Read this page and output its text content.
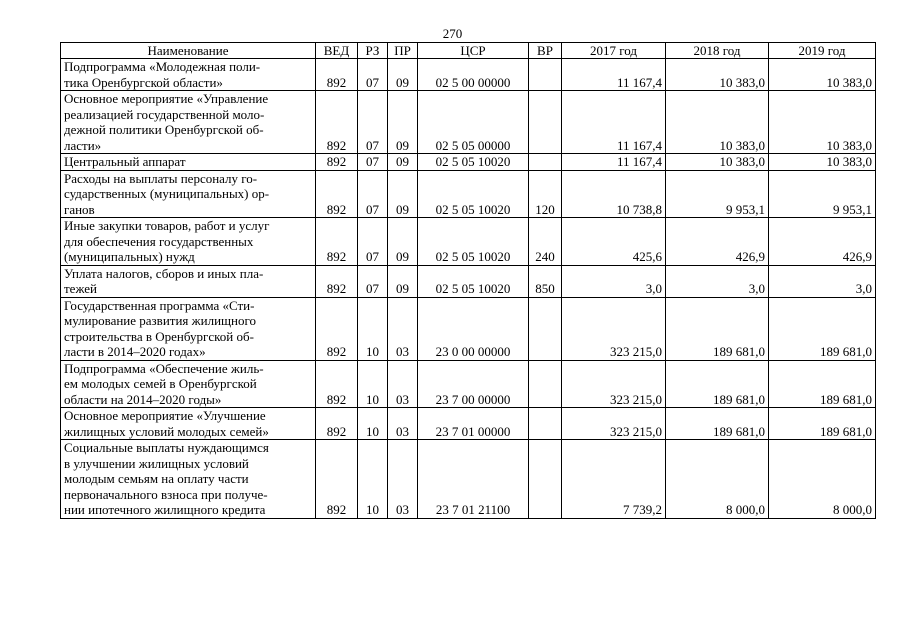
270
Наименование	ВЕД	РЗ	ПР	ЦСР	ВР	2017 год	2018 год	2019 год

Подпрограмма «Молодежная поли-
тика Оренбургской области»	892	07	09	02 5 00 00000		11 167,4	10 383,0	10 383,0

Основное мероприятие «Управление
реализацией государственной моло-
дежной политики Оренбургской об-
ласти»	892	07	09	02 5 05 00000		11 167,4	10 383,0	10 383,0

Центральный аппарат	892	07	09	02 5 05 10020		11 167,4	10 383,0	10 383,0

Расходы на выплаты персоналу го-
сударственных (муниципальных) ор-
ганов	892	07	09	02 5 05 10020	120	10 738,8	9 953,1	9 953,1

Иные закупки товаров, работ и услуг
для обеспечения государственных
(муниципальных) нужд	892	07	09	02 5 05 10020	240	425,6	426,9	426,9

Уплата налогов, сборов и иных пла-
тежей	892	07	09	02 5 05 10020	850	3,0	3,0	3,0

Государственная программа «Сти-
мулирование развития жилищного
строительства в Оренбургской об-
ласти в 2014–2020 годах»	892	10	03	23 0 00 00000		323 215,0	189 681,0	189 681,0

Подпрограмма «Обеспечение жиль-
ем молодых семей в Оренбургской
области на 2014–2020 годы»	892	10	03	23 7 00 00000		323 215,0	189 681,0	189 681,0

Основное мероприятие «Улучшение
жилищных условий молодых семей»	892	10	03	23 7 01 00000		323 215,0	189 681,0	189 681,0

Социальные выплаты нуждающимся
в улучшении жилищных условий
молодым семьям на оплату части
первоначального взноса при получе-
нии ипотечного жилищного кредита	892	10	03	23 7 01 21100		7 739,2	8 000,0	8 000,0
